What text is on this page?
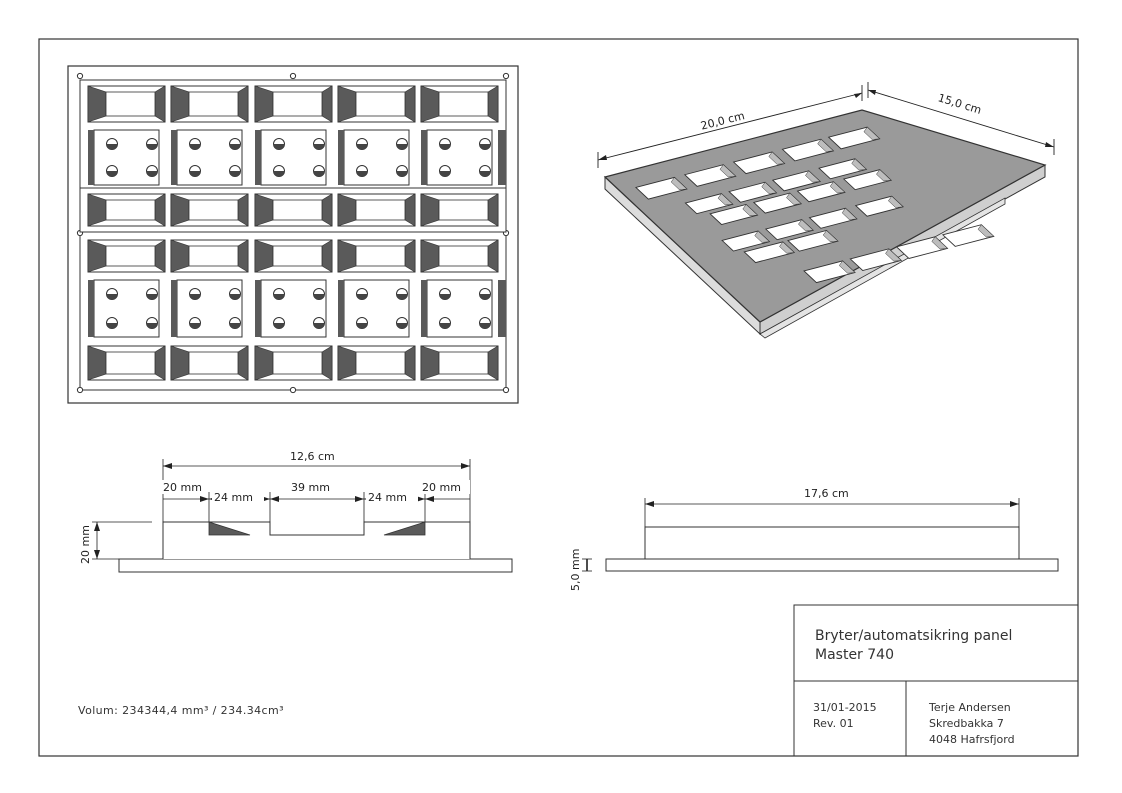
20,0 cm
15,0 cm
12,6 cm
20 mm
24 mm
39 mm
24 mm
20 mm
20 mm
17,6 cm
5,0 mm
Volum: 234344,4 mm³ / 234.34cm³
Bryter/automatsikring panel
Master 740
31/01-2015
Rev. 01
Terje Andersen
Skredbakka 7
4048 Hafrsfjord
